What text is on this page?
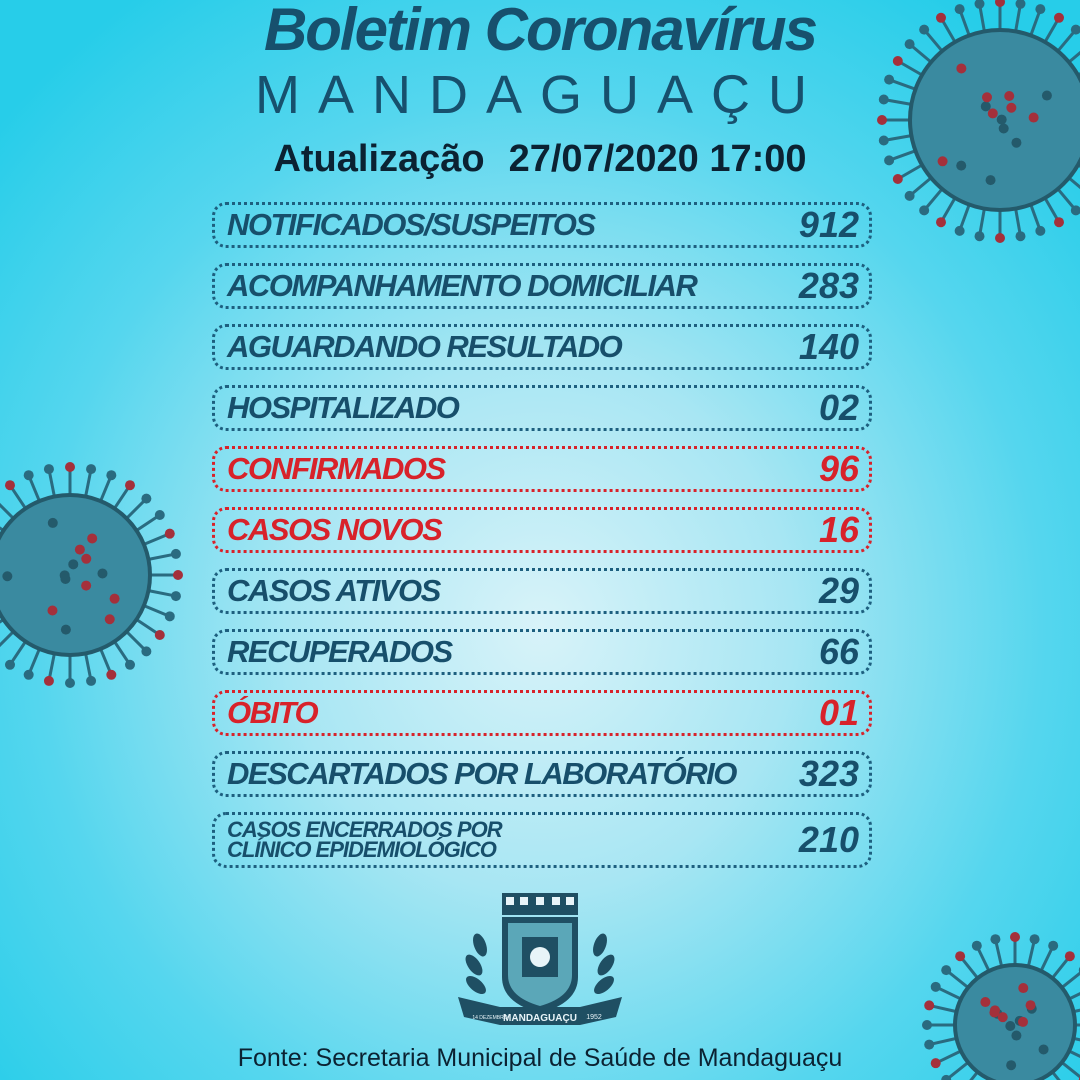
Boletim Coronavírus
MANDAGUAÇU
Atualização 27/07/2020 17:00
NOTIFICADOS/SUSPEITOS	912
ACOMPANHAMENTO DOMICILIAR	283
AGUARDANDO RESULTADO	140
HOSPITALIZADO	02
CONFIRMADOS	96
CASOS NOVOS	16
CASOS ATIVOS	29
RECUPERADOS	66
ÓBITO	01
DESCARTADOS POR LABORATÓRIO 323
CASOS ENCERRADOS POR
CLÍNICO EPIDEMIOLÓGICO	210
MANDAGUAÇU
14 DEZEMBRO	1952
Fonte: Secretaria Municipal de Saúde de Mandaguaçu
